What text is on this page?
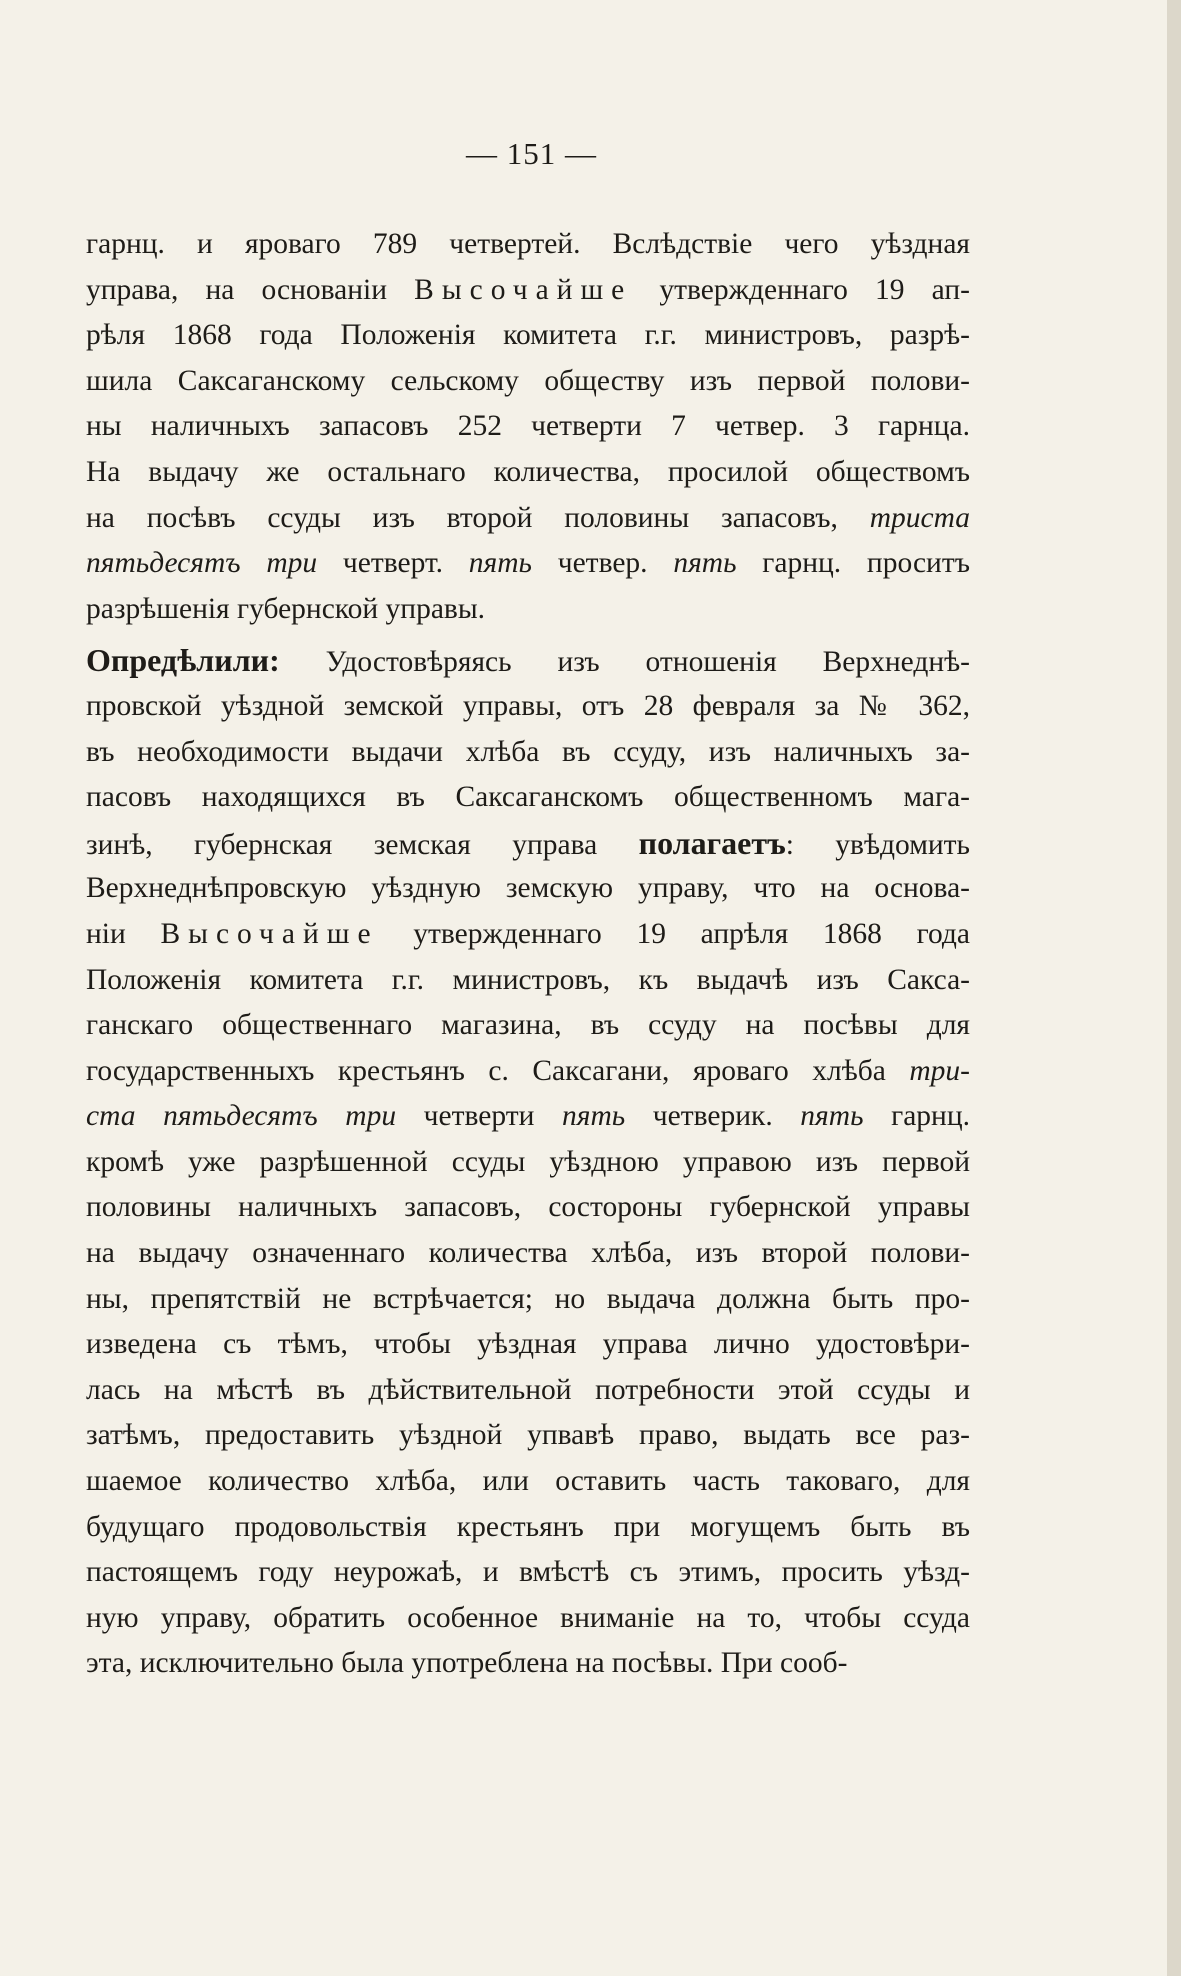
— 151 —
гарнц. и яроваго 789 четвертей. Вслѣдствіе чего уѣздная
управа, на основаніи Высочайше утвержденнаго 19 ап-
рѣля 1868 года Положенія комитета г.г. министровъ, разрѣ-
шила Саксаганскому сельскому обществу изъ первой полови-
ны наличныхъ запасовъ 252 четверти 7 четвер. 3 гарнца.
На выдачу же остальнаго количества, просилой обществомъ
на посѣвъ ссуды изъ второй половины запасовъ, триста
пятьдесятъ три четверт. пять четвер. пять гарнц. проситъ
разрѣшенія губернской управы.
Опредѣлили: Удостовѣряясь изъ отношенія Верхнеднѣ-
провской уѣздной земской управы, отъ 28 февраля за № 362,
въ необходимости выдачи хлѣба въ ссуду, изъ наличныхъ за-
пасовъ находящихся въ Саксаганскомъ общественномъ мага-
зинѣ, губернская земская управа полагаетъ: увѣдомить
Верхнеднѣпровскую уѣздную земскую управу, что на основа-
ніи Высочайше утвержденнаго 19 апрѣля 1868 года
Положенія комитета г.г. министровъ, къ выдачѣ изъ Сакса-
ганскаго общественнаго магазина, въ ссуду на посѣвы для
государственныхъ крестьянъ с. Саксагани, яроваго хлѣба три-
ста пятьдесятъ три четверти пять четверик. пять гарнц.
кромѣ уже разрѣшенной ссуды уѣздною управою изъ первой
половины наличныхъ запасовъ, состороны губернской управы
на выдачу означеннаго количества хлѣба, изъ второй полови-
ны, препятствій не встрѣчается; но выдача должна быть про-
изведена съ тѣмъ, чтобы уѣздная управа лично удостовѣри-
лась на мѣстѣ въ дѣйствительной потребности этой ссуды и
затѣмъ, предоставить уѣздной упвавѣ право, выдать все раз-
шаемое количество хлѣба, или оставить часть таковаго, для
будущаго продовольствія крестьянъ при могущемъ быть въ
пастоящемъ году неурожаѣ, и вмѣстѣ съ этимъ, просить уѣзд-
ную управу, обратить особенное вниманіе на то, чтобы ссуда
эта, исключительно была употреблена на посѣвы. При сооб-
